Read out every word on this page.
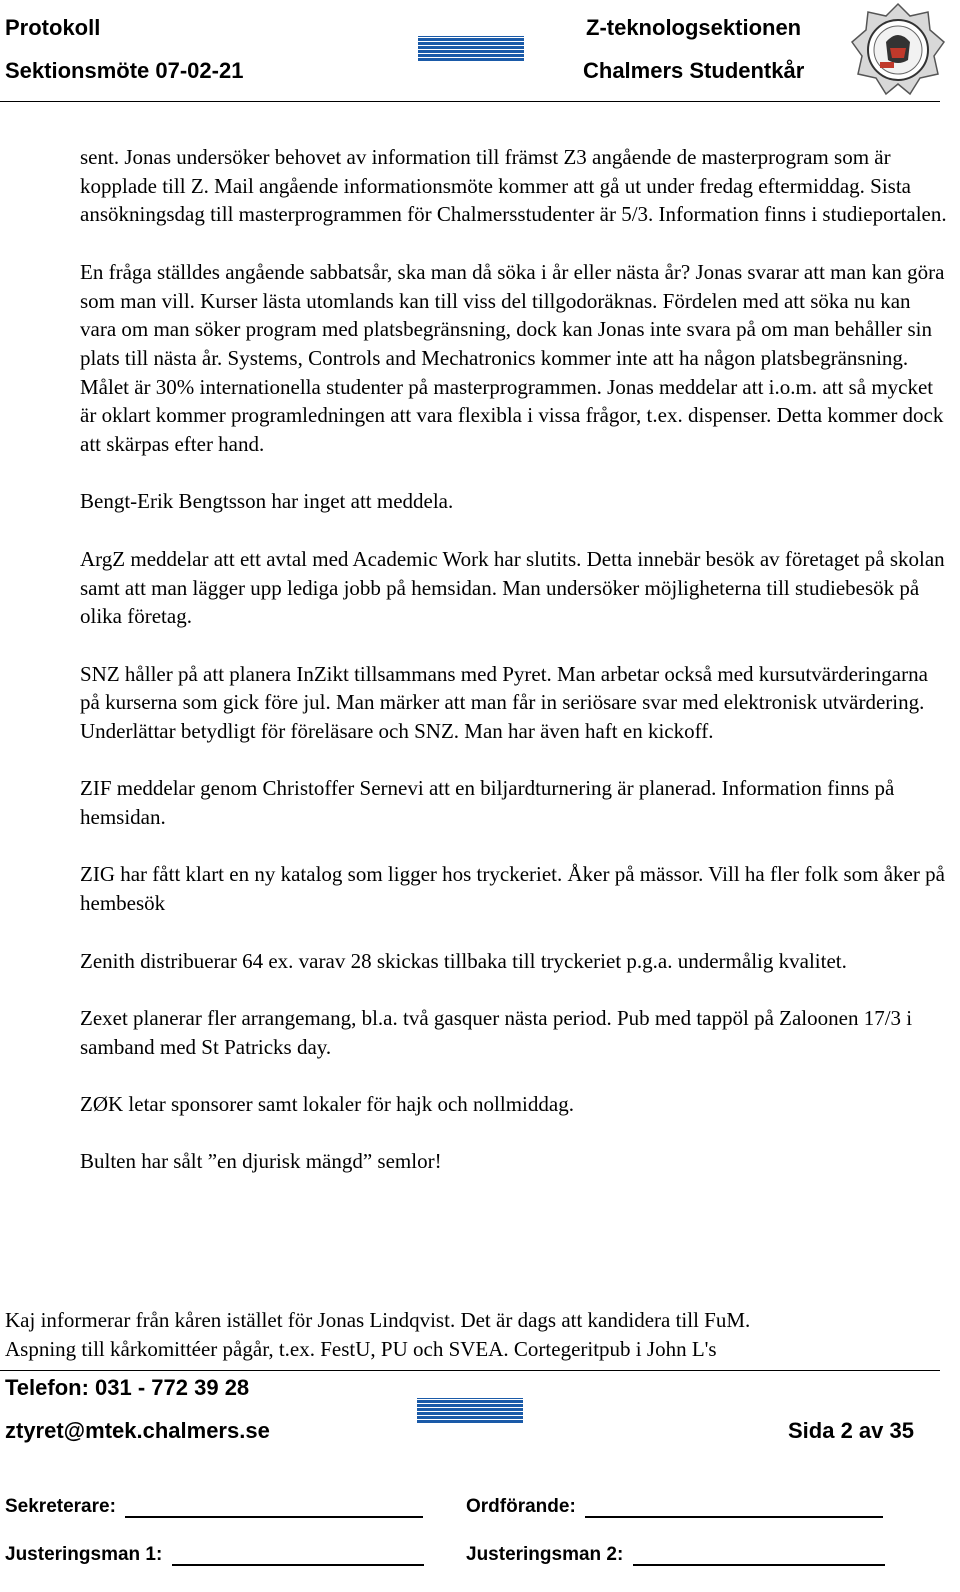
Protokoll
Sektionsmöte 07-02-21
SKF
Z-teknologsektionen
Chalmers Studentkår

sent. Jonas undersöker behovet av information till främst Z3 angående de masterprogram som är kopplade till Z. Mail angående informationsmöte kommer att gå ut under fredag eftermiddag. Sista ansökningsdag till masterprogrammen för Chalmersstudenter är 5/3. Information finns i studieportalen.

En fråga ställdes angående sabbatsår, ska man då söka i år eller nästa år? Jonas svarar att man kan göra som man vill. Kurser lästa utomlands kan till viss del tillgodoräknas. Fördelen med att söka nu kan vara om man söker program med platsbegränsning, dock kan Jonas inte svara på om man behåller sin plats till nästa år. Systems, Controls and Mechatronics kommer inte att ha någon platsbegränsning. Målet är 30% internationella studenter på masterprogrammen. Jonas meddelar att i.o.m. att så mycket är oklart kommer programledningen att vara flexibla i vissa frågor, t.ex. dispenser. Detta kommer dock att skärpas efter hand.

Bengt-Erik Bengtsson har inget att meddela.

ArgZ meddelar att ett avtal med Academic Work har slutits. Detta innebär besök av företaget på skolan samt att man lägger upp lediga jobb på hemsidan. Man undersöker möjligheterna till studiebesök på olika företag.

SNZ håller på att planera InZikt tillsammans med Pyret. Man arbetar också med kursutvärderingarna på kurserna som gick före jul. Man märker att man får in seriösare svar med elektronisk utvärdering. Underlättar betydligt för föreläsare och SNZ. Man har även haft en kickoff.

ZIF meddelar genom Christoffer Sernevi att en biljardturnering är planerad. Information finns på hemsidan.

ZIG har fått klart en ny katalog som ligger hos tryckeriet. Åker på mässor. Vill ha fler folk som åker på hembesök

Zenith distribuerar 64 ex. varav 28 skickas tillbaka till tryckeriet p.g.a. undermålig kvalitet.

Zexet planerar fler arrangemang, bl.a. två gasquer nästa period. Pub med tappöl på Zaloonen 17/3 i samband med St Patricks day.

ZØK letar sponsorer samt lokaler för hajk och nollmiddag.

Bulten har sålt ”en djurisk mängd” semlor!

Kaj informerar från kåren istället för Jonas Lindqvist. Det är dags att kandidera till FuM.
Aspning till kårkomittéer pågår, t.ex. FestU, PU och SVEA. Cortegeritpub i John L's
Telefon: 031 - 772 39 28
ztyret@mtek.chalmers.se	Sida 2 av 35
Sekreterare:	Ordförande:
Justeringsman 1:	Justeringsman 2:
